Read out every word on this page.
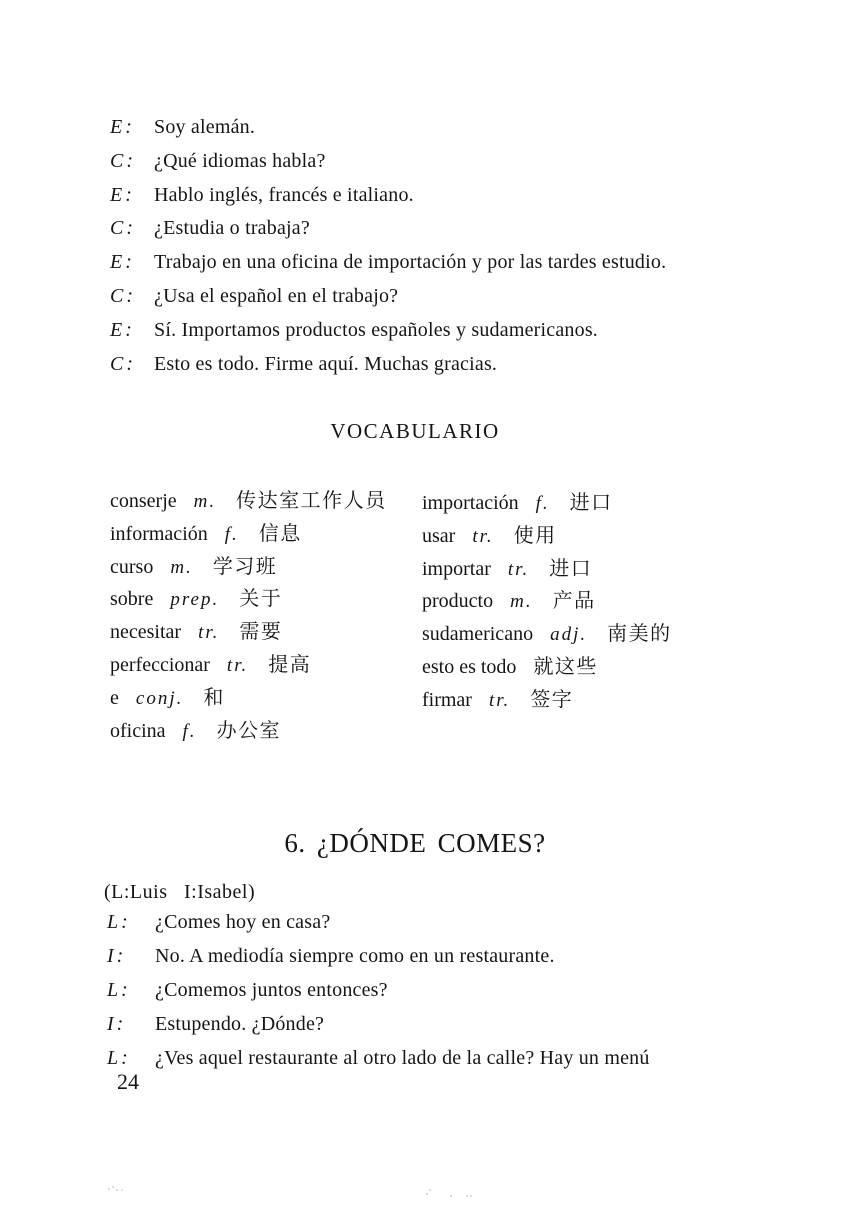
E: Soy alemán.
C: ¿Qué idiomas habla?
E: Hablo inglés, francés e italiano.
C: ¿Estudia o trabaja?
E: Trabajo en una oficina de importación y por las tardes estudio.
C: ¿Usa el español en el trabajo?
E: Sí. Importamos productos españoles y sudamericanos.
C: Esto es todo. Firme aquí. Muchas gracias.
VOCABULARIO
conserje m. 传达室工作人员
información f. 信息
curso m. 学习班
sobre prep. 关于
necesitar tr. 需要
perfeccionar tr. 提高
e conj. 和
oficina f. 办公室
importación f. 进口
usar tr. 使用
importar tr. 进口
producto m. 产品
sudamericano adj. 南美的
esto es todo 就这些
firmar tr. 签字
6. ¿DÓNDE COMES?
(L:Luis   I:Isabel)
L:	¿Comes hoy en casa?
I:	No. A mediodía siempre como en un restaurante.
L:	¿Comemos juntos entonces?
I:	Estupendo. ¿Dónde?
L:	¿Ves aquel restaurante al otro lado de la calle? Hay un menú
24
